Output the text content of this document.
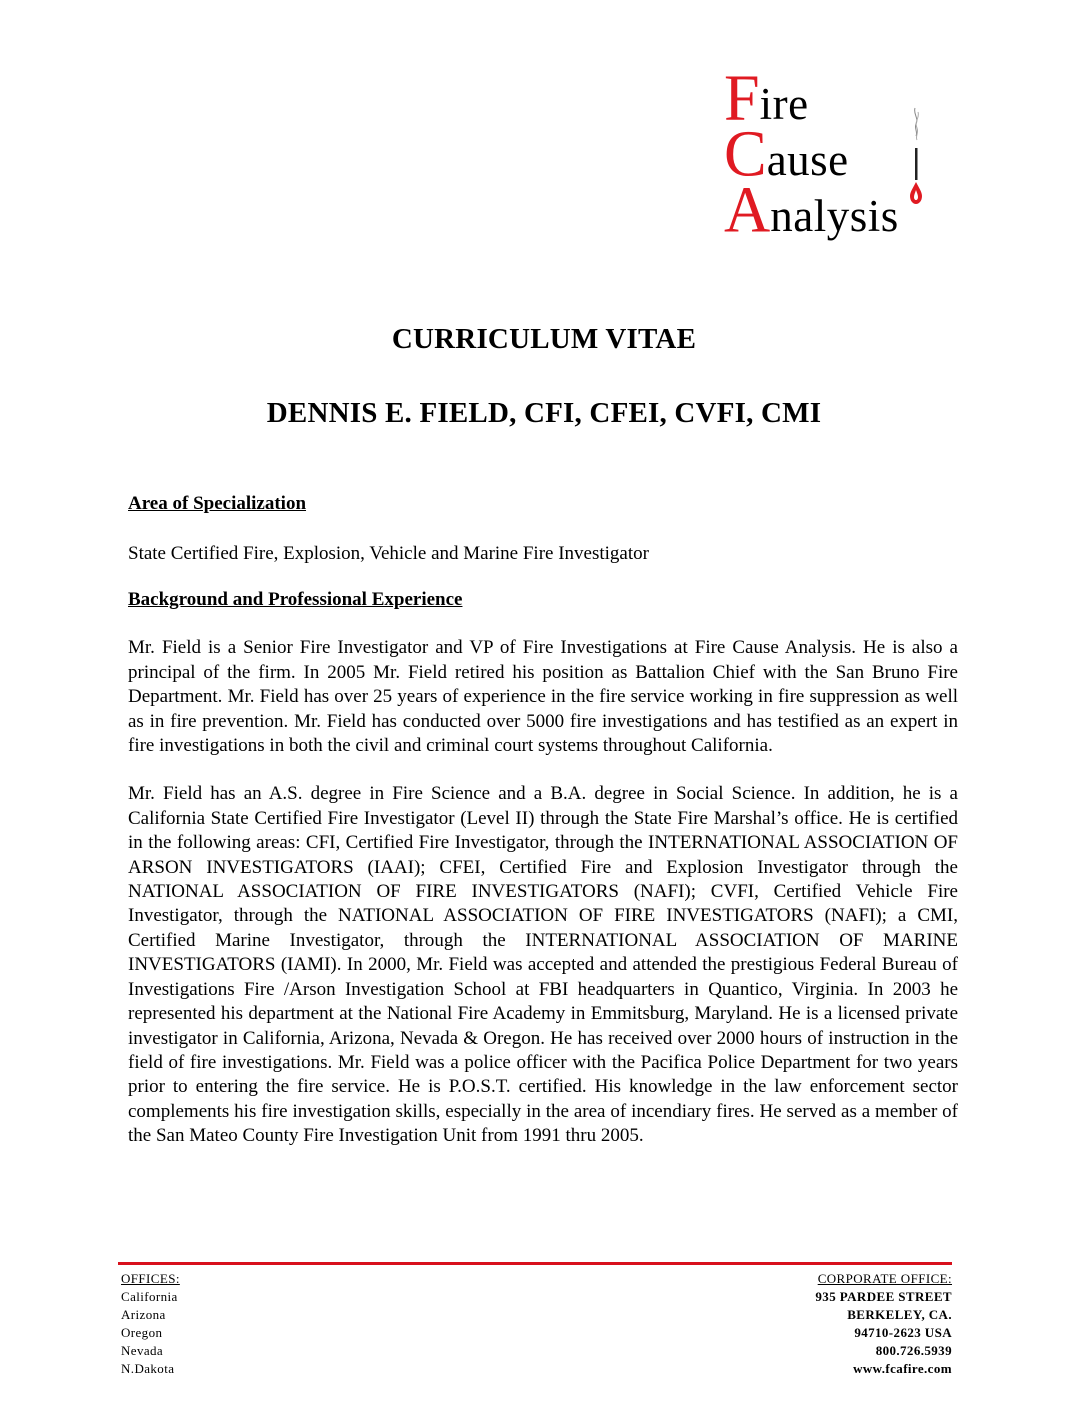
Fire
Cause
Analysis
CURRICULUM VITAE
DENNIS E. FIELD, CFI, CFEI, CVFI, CMI

Area of Specialization

State Certified Fire, Explosion, Vehicle and Marine Fire Investigator

Background and Professional Experience

Mr. Field is a Senior Fire Investigator and VP of Fire Investigations at Fire Cause Analysis. He is also a principal of the firm. In 2005 Mr. Field retired his position as Battalion Chief with the San Bruno Fire Department. Mr. Field has over 25 years of experience in the fire service working in fire suppression as well as in fire prevention. Mr. Field has conducted over 5000 fire investigations and has testified as an expert in fire investigations in both the civil and criminal court systems throughout California.

Mr. Field has an A.S. degree in Fire Science and a B.A. degree in Social Science. In addition, he is a California State Certified Fire Investigator (Level II) through the State Fire Marshal’s office. He is certified in the following areas: CFI, Certified Fire Investigator, through the INTERNATIONAL ASSOCIATION OF ARSON INVESTIGATORS (IAAI); CFEI, Certified Fire and Explosion Investigator through the NATIONAL ASSOCIATION OF FIRE INVESTIGATORS (NAFI); CVFI, Certified Vehicle Fire Investigator, through the NATIONAL ASSOCIATION OF FIRE INVESTIGATORS (NAFI); a CMI, Certified Marine Investigator, through the INTERNATIONAL ASSOCIATION OF MARINE INVESTIGATORS (IAMI). In 2000, Mr. Field was accepted and attended the prestigious Federal Bureau of Investigations Fire /Arson Investigation School at FBI headquarters in Quantico, Virginia. In 2003 he represented his department at the National Fire Academy in Emmitsburg, Maryland. He is a licensed private investigator in California, Arizona, Nevada & Oregon. He has received over 2000 hours of instruction in the field of fire investigations. Mr. Field was a police officer with the Pacifica Police Department for two years prior to entering the fire service. He is P.O.S.T. certified. His knowledge in the law enforcement sector complements his fire investigation skills, especially in the area of incendiary fires. He served as a member of the San Mateo County Fire Investigation Unit from 1991 thru 2005.

OFFICES:
California
Arizona
Oregon
Nevada
N.Dakota
CORPORATE OFFICE:
935 PARDEE STREET
BERKELEY, CA.
94710-2623 USA
800.726.5939
www.fcafire.com
